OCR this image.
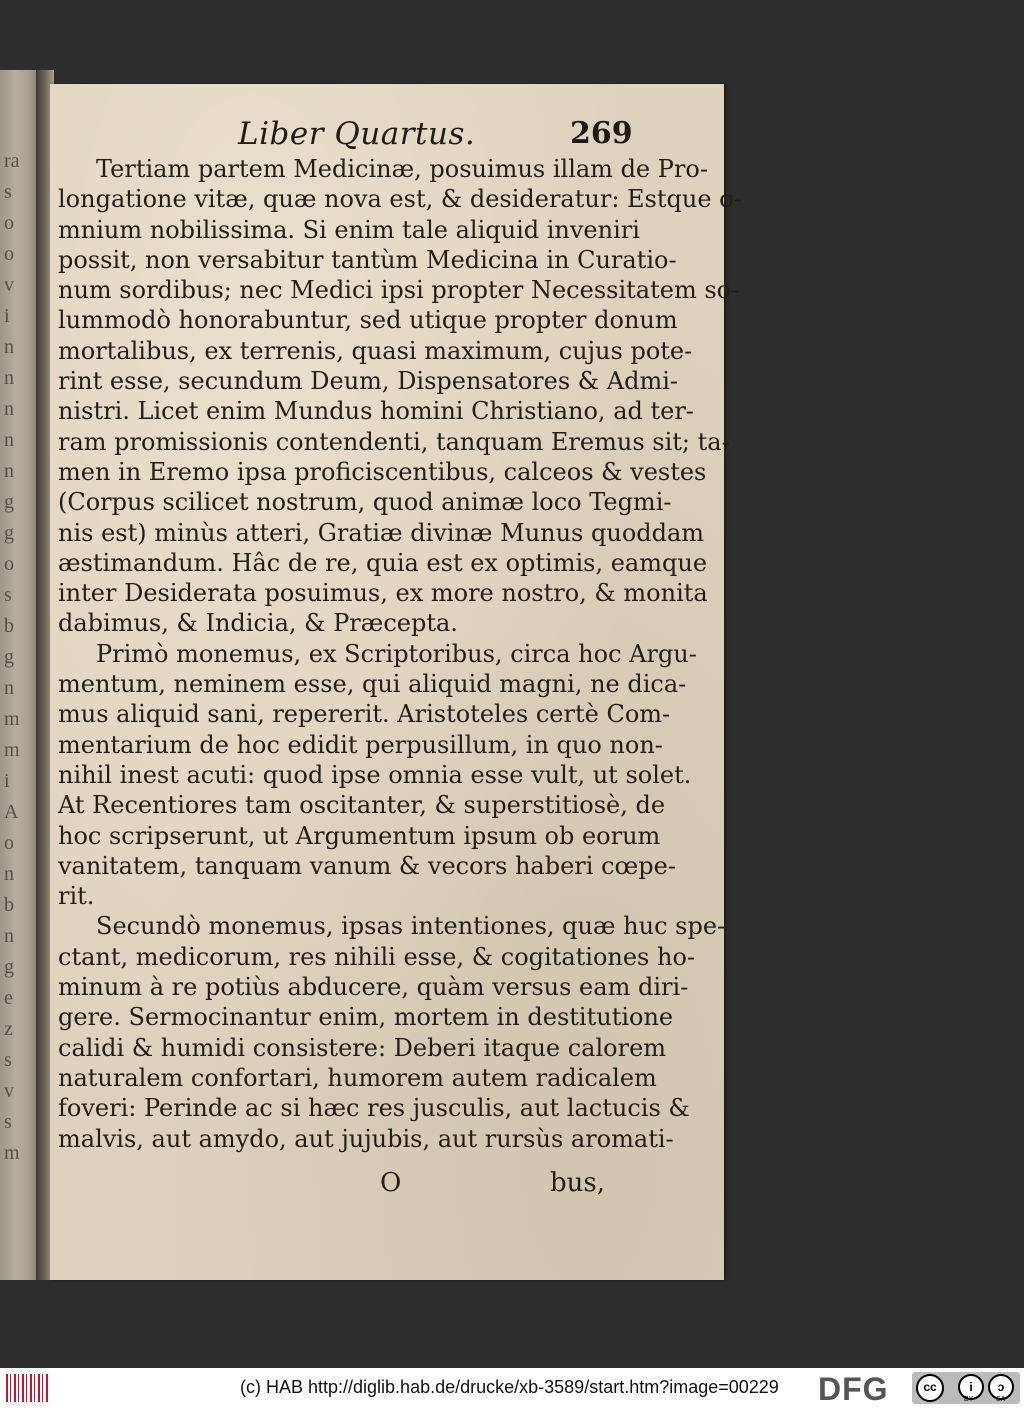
ra
s
o
o
v
i
n
n
n
n
n
g
g
o
s
b
g
n
m
m
i
A
o
n
b
n
g
e
z
s
v
s
m
Liber Quartus.	269
Tertiam partem Medicinæ, posuimus illam de Pro-
longatione vitæ, quæ nova est, & desideratur: Estque o-
mnium nobilissima. Si enim tale aliquid inveniri
possit, non versabitur tantùm Medicina in Curatio-
num sordibus; nec Medici ipsi propter Necessitatem so-
lummodò honorabuntur, sed utique propter donum
mortalibus, ex terrenis, quasi maximum, cujus pote-
rint esse, secundum Deum, Dispensatores & Admi-
nistri. Licet enim Mundus homini Christiano, ad ter-
ram promissionis contendenti, tanquam Eremus sit; ta-
men in Eremo ipsa proficiscentibus, calceos & vestes
(Corpus scilicet nostrum, quod animæ loco Tegmi-
nis est) minùs atteri, Gratiæ divinæ Munus quoddam
æstimandum. Hâc de re, quia est ex optimis, eamque
inter Desiderata posuimus, ex more nostro, & monita
dabimus, & Indicia, & Præcepta.
Primò monemus, ex Scriptoribus, circa hoc Argu-
mentum, neminem esse, qui aliquid magni, ne dica-
mus aliquid sani, repererit. Aristoteles certè Com-
mentarium de hoc edidit perpusillum, in quo non-
nihil inest acuti: quod ipse omnia esse vult, ut solet.
At Recentiores tam oscitanter, & superstitiosè, de
hoc scripserunt, ut Argumentum ipsum ob eorum
vanitatem, tanquam vanum & vecors haberi cœpe-
rit.
Secundò monemus, ipsas intentiones, quæ huc spe-
ctant, medicorum, res nihili esse, & cogitationes ho-
minum à re potiùs abducere, quàm versus eam diri-
gere. Sermocinantur enim, mortem in destitutione
calidi & humidi consistere: Deberi itaque calorem
naturalem confortari, humorem autem radicalem
foveri: Perinde ac si hæc res jusculis, aut lactucis &
malvis, aut amydo, aut jujubis, aut rursùs aromati-
O	bus,
(c) HAB http://diglib.hab.de/drucke/xb-3589/start.htm?image=00229 DFG	cc	i	ↄ
BY	SA
